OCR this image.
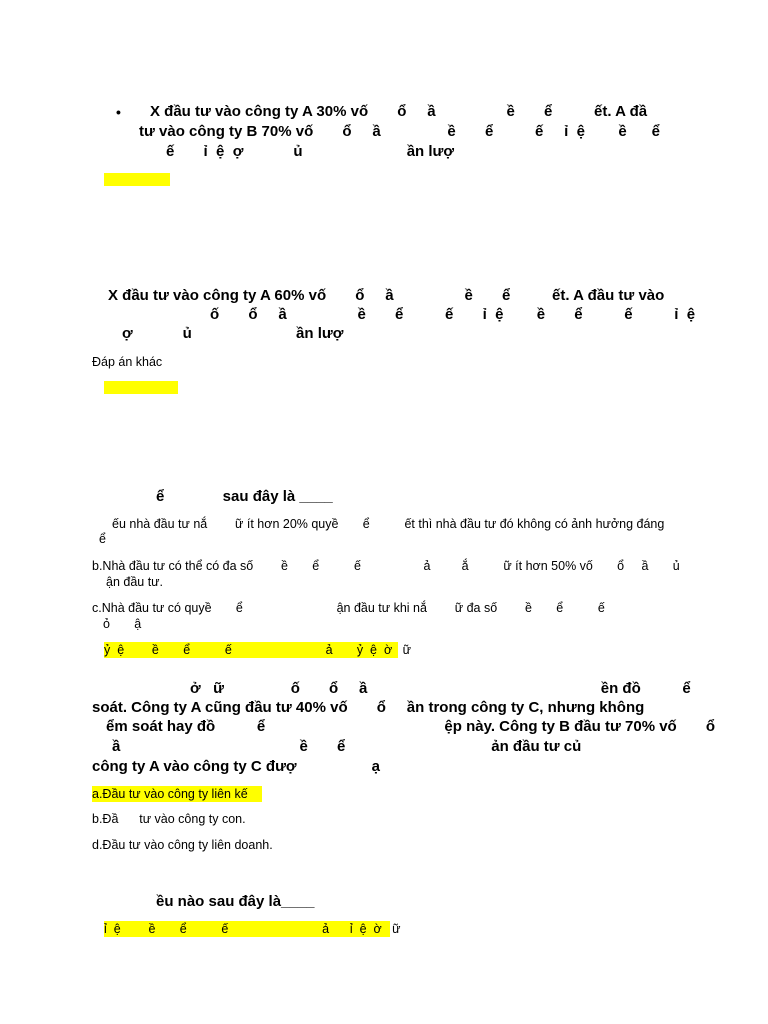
• X đầu tư vào công ty A 30% vố       ổ     ầ                 ề       ể          ết. A đầ
tư vào công ty B 70% vố       ổ     ầ                ề       ể          ế     ỉ  ệ        ề      ể
ế       ỉ  ệ  ợ            ủ                         ần lượ
X đầu tư vào công ty A 60% vố       ổ     ầ                 ề       ể          ết. A đầu tư vào
ố       ổ     ầ                 ề       ể          ế       ỉ  ệ        ề       ể          ế          ỉ  ệ
ợ            ủ                         ần lượ
Đáp án khác
ể              sau đây là ____
ếu nhà đầu tư nắ        ữ ít hơn 20% quyề       ể          ết thì nhà đầu tư đó không có ảnh hưởng đáng
ể
b.Nhà đầu tư có thể có đa số        ề       ể          ế                  ả         ắ          ữ ít hơn 50% vố       ổ     ầ       ủ
ận đầu tư.
c.Nhà đầu tư có quyề       ể                           ận đầu tư khi nắ        ữ đa số        ề       ể          ế
ỏ       ậ
ỷ  ệ        ề       ể          ế                           ả       ỷ  ệ  ờ   ữ
ở   ữ                ố       ổ     ầ                                                        ền đồ          ể
soát. Công ty A cũng đầu tư 40% vố       ổ     ần trong công ty C, nhưng không
ểm soát hay đồ          ể                                           ệp này. Công ty B đầu tư 70% vố       ổ
ầ                                           ề       ể                                   ản đầu tư củ
công ty A vào công ty C đượ                  ạ
a.Đầu tư vào công ty liên kế
b.Đầ      tư vào công ty con.
d.Đầu tư vào công ty liên doanh.
ều nào sau đây là____
ỉ  ệ        ề       ể          ế                           ả      ỉ  ệ  ờ   ữ
